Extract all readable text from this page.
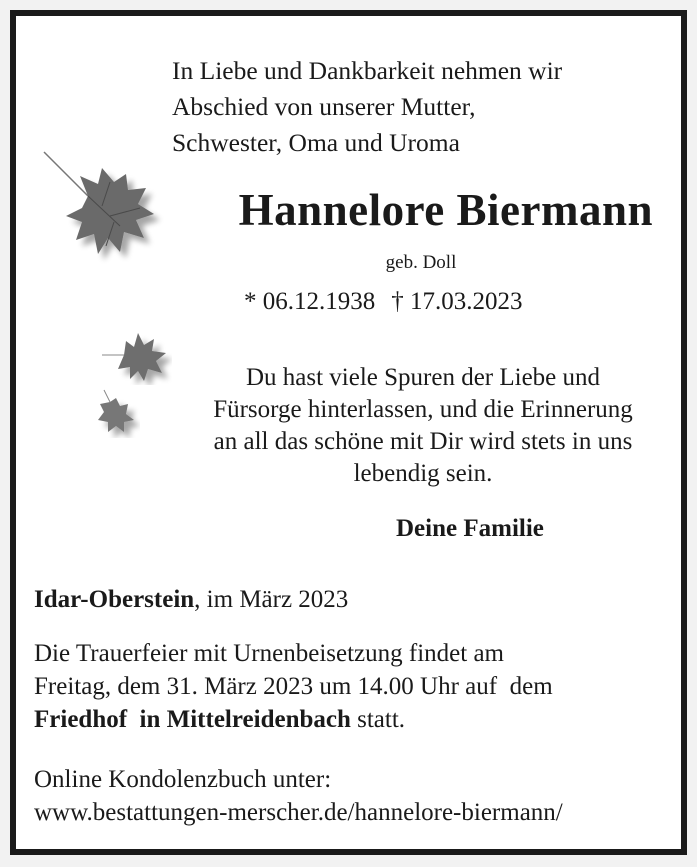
In Liebe und Dankbarkeit nehmen wir
Abschied von unserer Mutter,
Schwester, Oma und Uroma
Hannelore Biermann
geb. Doll
* 06.12.1938 † 17.03.2023
Du hast viele Spuren der Liebe und
Fürsorge hinterlassen, und die Erinnerung
an all das schöne mit Dir wird stets in uns
lebendig sein.
Deine Familie
Idar-Oberstein, im März 2023
Die Trauerfeier mit Urnenbeisetzung findet am
Freitag, dem 31. März 2023 um 14.00 Uhr auf  dem
Friedhof  in Mittelreidenbach statt.
Online Kondolenzbuch unter:
www.bestattungen-merscher.de/hannelore-biermann/
